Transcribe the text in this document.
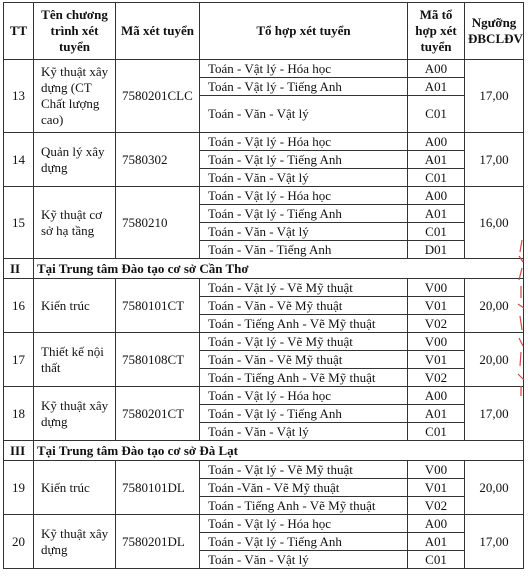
TT	Tên chương trình xét tuyển	Mã xét tuyển	Tổ hợp xét tuyển	Mã tổ hợp xét tuyển	Ngưỡng ĐBCLĐV
13	Kỹ thuật xây dựng (CT Chất lượng cao)	7580201CLC	Toán - Vật lý - Hóa học	A00	17,00
			Toán - Vật lý - Tiếng Anh	A01	
			Toán - Văn - Vật lý	C01	
14	Quản lý xây dựng	7580302	Toán - Vật lý - Hóa học	A00	17,00
			Toán - Vật lý - Tiếng Anh	A01	
			Toán - Văn - Vật lý	C01	
15	Kỹ thuật cơ sở hạ tầng	7580210	Toán - Vật lý - Hóa học	A00	16,00
			Toán - Vật lý - Tiếng Anh	A01	
			Toán - Văn - Vật lý	C01	
			Toán - Văn - Tiếng Anh	D01	
II	Tại Trung tâm Đào tạo cơ sở Cần Thơ				
16	Kiến trúc	7580101CT	Toán - Vật lý - Vẽ Mỹ thuật	V00	20,00
			Toán - Văn - Vẽ Mỹ thuật	V01	
			Toán - Tiếng Anh - Vẽ Mỹ thuật	V02	
17	Thiết kế nội thất	7580108CT	Toán - Vật lý - Vẽ Mỹ thuật	V00	20,00
			Toán - Văn - Vẽ Mỹ thuật	V01	
			Toán - Tiếng Anh - Vẽ Mỹ thuật	V02	
18	Kỹ thuật xây dựng	7580201CT	Toán - Vật lý - Hóa học	A00	17,00
			Toán - Vật lý - Tiếng Anh	A01	
			Toán - Văn - Vật lý	C01	
III	Tại Trung tâm Đào tạo cơ sở Đà Lạt				
19	Kiến trúc	7580101DL	Toán - Vật lý - Vẽ Mỹ thuật	V00	20,00
			Toán -Văn - Vẽ Mỹ thuật	V01	
			Toán - Tiếng Anh - Vẽ Mỹ thuật	V02	
20	Kỹ thuật xây dựng	7580201DL	Toán - Vật lý - Hóa học	A00	17,00
			Toán - Vật lý - Tiếng Anh	A01	
			Toán - Văn - Vật lý	C01	
